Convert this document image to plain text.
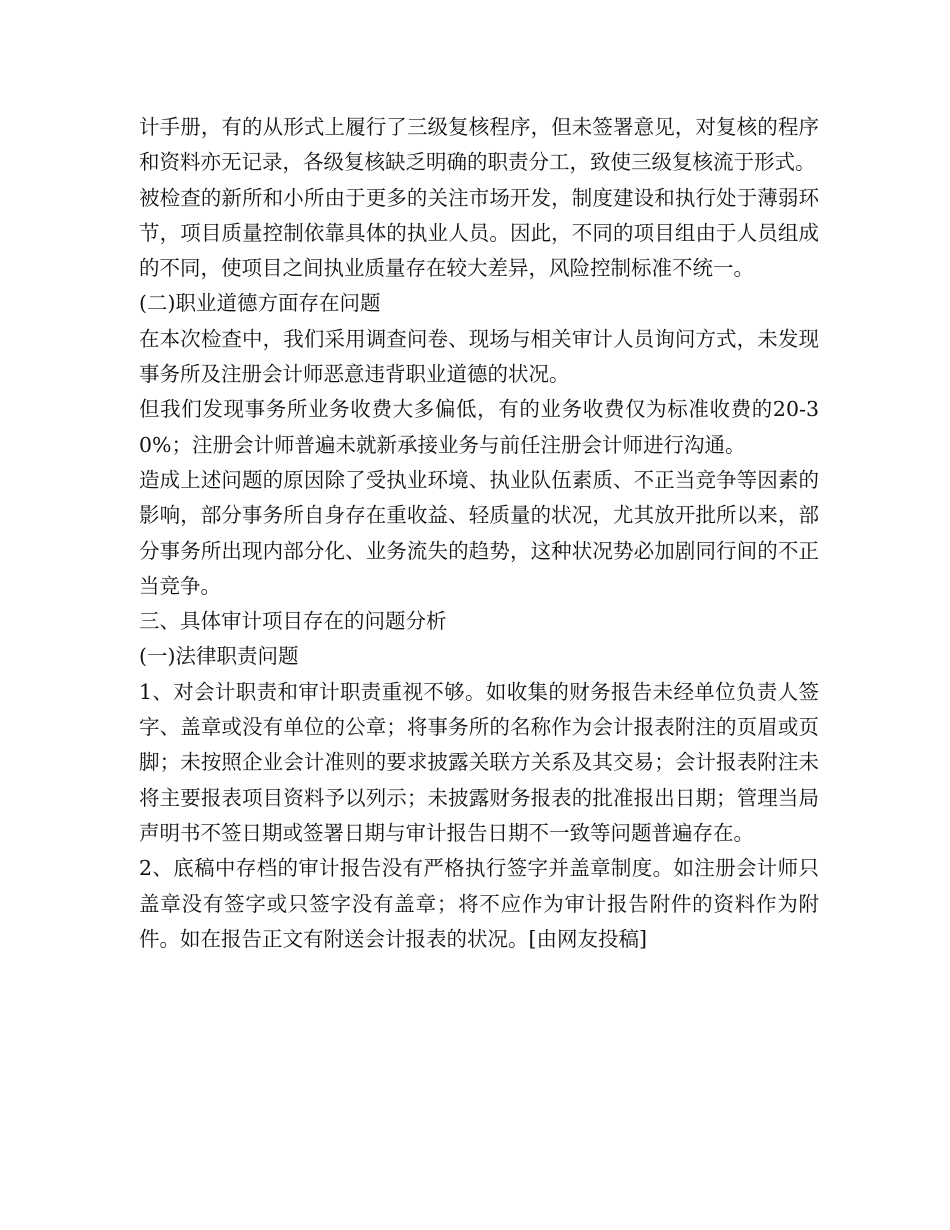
计手册，有的从形式上履行了三级复核程序，但未签署意见，对复核的程序和资料亦无记录，各级复核缺乏明确的职责分工，致使三级复核流于形式。

被检查的新所和小所由于更多的关注市场开发，制度建设和执行处于薄弱环节，项目质量控制依靠具体的执业人员。因此，不同的项目组由于人员组成的不同，使项目之间执业质量存在较大差异，风险控制标准不统一。

(二)职业道德方面存在问题

在本次检查中，我们采用调查问卷、现场与相关审计人员询问方式，未发现事务所及注册会计师恶意违背职业道德的状况。

但我们发现事务所业务收费大多偏低，有的业务收费仅为标准收费的20-30%；注册会计师普遍未就新承接业务与前任注册会计师进行沟通。

造成上述问题的原因除了受执业环境、执业队伍素质、不正当竞争等因素的影响，部分事务所自身存在重收益、轻质量的状况，尤其放开批所以来，部分事务所出现内部分化、业务流失的趋势，这种状况势必加剧同行间的不正当竞争。

三、具体审计项目存在的问题分析

(一)法律职责问题

1、对会计职责和审计职责重视不够。如收集的财务报告未经单位负责人签字、盖章或没有单位的公章；将事务所的名称作为会计报表附注的页眉或页脚；未按照企业会计准则的要求披露关联方关系及其交易；会计报表附注未将主要报表项目资料予以列示；未披露财务报表的批准报出日期；管理当局声明书不签日期或签署日期与审计报告日期不一致等问题普遍存在。

2、底稿中存档的审计报告没有严格执行签字并盖章制度。如注册会计师只盖章没有签字或只签字没有盖章；将不应作为审计报告附件的资料作为附件。如在报告正文有附送会计报表的状况。[由网友投稿]
